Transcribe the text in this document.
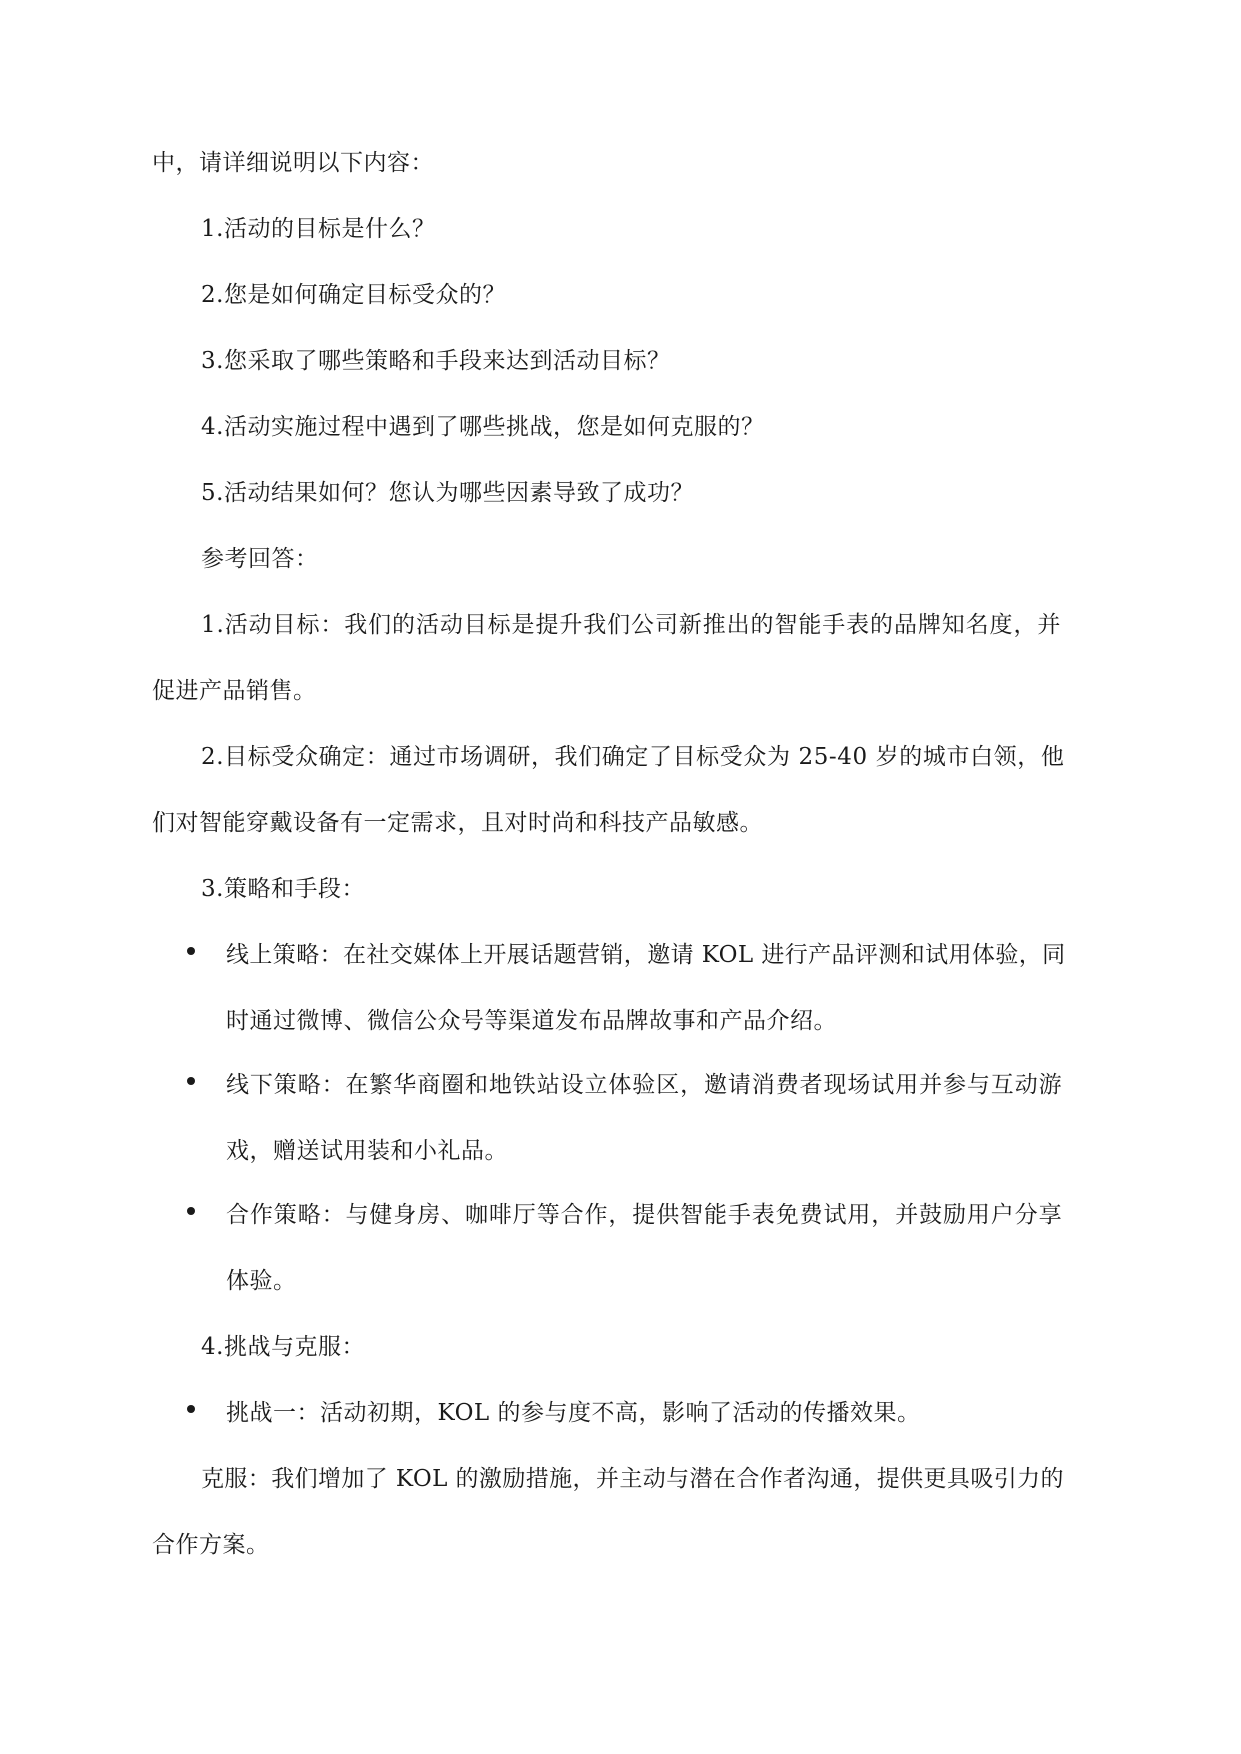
中，请详细说明以下内容：
1.活动的目标是什么？
2.您是如何确定目标受众的？
3.您采取了哪些策略和手段来达到活动目标？
4.活动实施过程中遇到了哪些挑战，您是如何克服的？
5.活动结果如何？您认为哪些因素导致了成功？
参考回答：
1.活动目标：我们的活动目标是提升我们公司新推出的智能手表的品牌知名度，并
促进产品销售。
2.目标受众确定：通过市场调研，我们确定了目标受众为 25-40 岁的城市白领，他
们对智能穿戴设备有一定需求，且对时尚和科技产品敏感。
3.策略和手段：
线上策略：在社交媒体上开展话题营销，邀请 KOL 进行产品评测和试用体验，同
时通过微博、微信公众号等渠道发布品牌故事和产品介绍。
线下策略：在繁华商圈和地铁站设立体验区，邀请消费者现场试用并参与互动游
戏，赠送试用装和小礼品。
合作策略：与健身房、咖啡厅等合作，提供智能手表免费试用，并鼓励用户分享
体验。
4.挑战与克服：
挑战一：活动初期，KOL 的参与度不高，影响了活动的传播效果。
克服：我们增加了 KOL 的激励措施，并主动与潜在合作者沟通，提供更具吸引力的
合作方案。
